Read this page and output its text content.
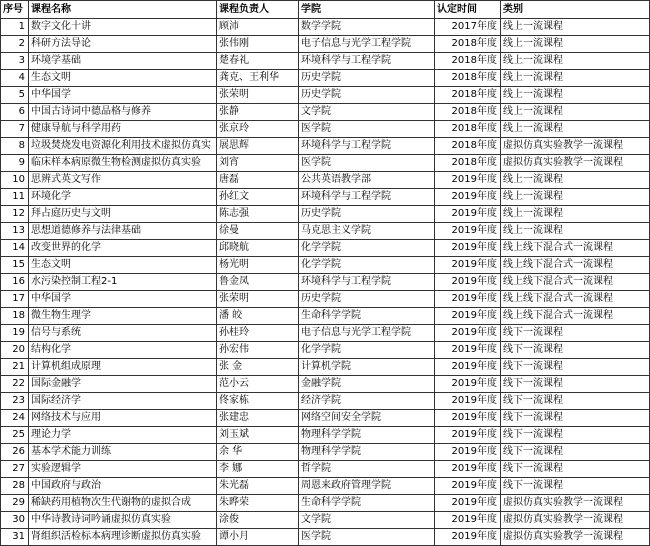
序号	课程名称	课程负责人	学院	认定时间	类别
1	数字文化十讲	顾沛	数学学院	2017年度	线上一流课程
2	科研方法导论	张伟刚	电子信息与光学工程学院	2018年度	线上一流课程
3	环境学基础	楚春礼	环境科学与工程学院	2018年度	线上一流课程
4	生态文明	龚克、王利华	历史学院	2018年度	线上一流课程
5	中华国学	张荣明	历史学院	2018年度	线上一流课程
6	中国古诗词中德品格与修养	张静	文学院	2018年度	线上一流课程
7	健康导航与科学用药	张京玲	医学院	2018年度	线上一流课程
8	垃圾焚烧发电资源化利用技术虚拟仿真实	展思辉	环境科学与工程学院	2018年度	虚拟仿真实验教学一流课程
9	临床样本病原微生物检测虚拟仿真实验	刘宵	医学院	2018年度	虚拟仿真实验教学一流课程
10	思辨式英文写作	唐磊	公共英语教学部	2019年度	线上一流课程
11	环境化学	孙红文	环境科学与工程学院	2019年度	线上一流课程
12	拜占庭历史与文明	陈志强	历史学院	2019年度	线上一流课程
13	思想道德修养与法律基础	徐曼	马克思主义学院	2019年度	线上一流课程
14	改变世界的化学	邱晓航	化学学院	2019年度	线上线下混合式一流课程
15	生态文明	杨光明	化学学院	2019年度	线上线下混合式一流课程
16	水污染控制工程2-1	鲁金凤	环境科学与工程学院	2019年度	线上线下混合式一流课程
17	中华国学	张荣明	历史学院	2019年度	线上线下混合式一流课程
18	微生物生理学	潘 皎	生命科学学院	2019年度	线上线下混合式一流课程
19	信号与系统	孙桂玲	电子信息与光学工程学院	2019年度	线下一流课程
20	结构化学	孙宏伟	化学学院	2019年度	线下一流课程
21	计算机组成原理	张 金	计算机学院	2019年度	线下一流课程
22	国际金融学	范小云	金融学院	2019年度	线下一流课程
23	国际经济学	佟家栋	经济学院	2019年度	线下一流课程
24	网络技术与应用	张建忠	网络空间安全学院	2019年度	线下一流课程
25	理论力学	刘玉斌	物理科学学院	2019年度	线下一流课程
26	基本学术能力训练	余 华	物理科学学院	2019年度	线下一流课程
27	实验逻辑学	李 娜	哲学院	2019年度	线下一流课程
28	中国政府与政治	朱光磊	周恩来政府管理学院	2019年度	线下一流课程
29	稀缺药用植物次生代谢物的虚拟合成	朱晔荣	生命科学学院	2019年度	虚拟仿真实验教学一流课程
30	中华诗教诗词吟诵虚拟仿真实验	涂俊	文学院	2019年度	虚拟仿真实验教学一流课程
31	肾组织活检标本病理诊断虚拟仿真实验	谭小月	医学院	2019年度	虚拟仿真实验教学一流课程
